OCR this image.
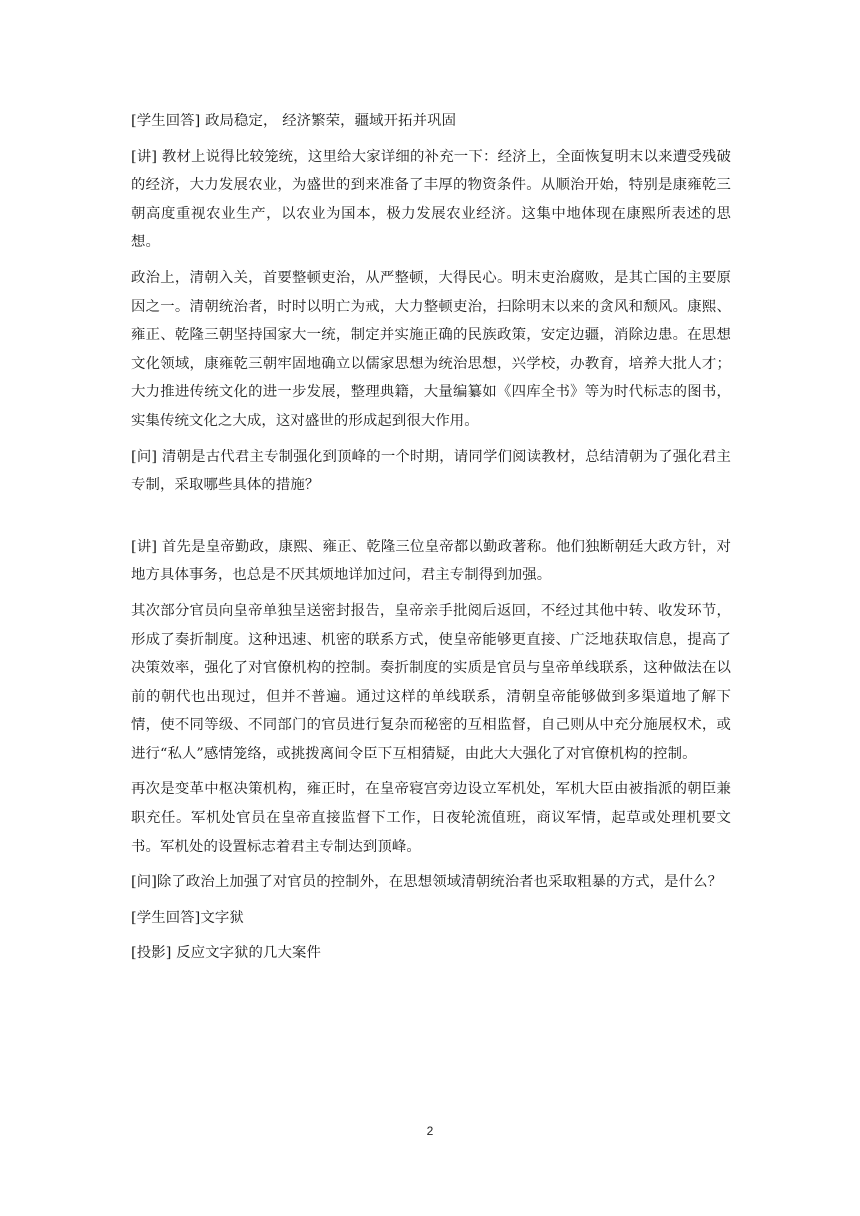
[学生回答] 政局稳定， 经济繁荣，疆域开拓并巩固

[讲] 教材上说得比较笼统，这里给大家详细的补充一下：经济上，全面恢复明末以来遭受残破的经济，大力发展农业，为盛世的到来准备了丰厚的物资条件。从顺治开始，特别是康雍乾三朝高度重视农业生产，以农业为国本，极力发展农业经济。这集中地体现在康熙所表述的思想。

政治上，清朝入关，首要整顿吏治，从严整顿，大得民心。明末吏治腐败，是其亡国的主要原因之一。清朝统治者，时时以明亡为戒，大力整顿吏治，扫除明末以来的贪风和颓风。康熙、雍正、乾隆三朝坚持国家大一统，制定并实施正确的民族政策，安定边疆，消除边患。在思想文化领域，康雍乾三朝牢固地确立以儒家思想为统治思想，兴学校，办教育，培养大批人才；大力推进传统文化的进一步发展，整理典籍，大量编纂如《四库全书》等为时代标志的图书，实集传统文化之大成，这对盛世的形成起到很大作用。

[问] 清朝是古代君主专制强化到顶峰的一个时期，请同学们阅读教材，总结清朝为了强化君主专制，采取哪些具体的措施？

[讲] 首先是皇帝勤政，康熙、雍正、乾隆三位皇帝都以勤政著称。他们独断朝廷大政方针，对地方具体事务，也总是不厌其烦地详加过问，君主专制得到加强。

其次部分官员向皇帝单独呈送密封报告，皇帝亲手批阅后返回，不经过其他中转、收发环节，形成了奏折制度。这种迅速、机密的联系方式，使皇帝能够更直接、广泛地获取信息，提高了决策效率，强化了对官僚机构的控制。奏折制度的实质是官员与皇帝单线联系，这种做法在以前的朝代也出现过，但并不普遍。通过这样的单线联系，清朝皇帝能够做到多渠道地了解下情，使不同等级、不同部门的官员进行复杂而秘密的互相监督，自己则从中充分施展权术，或进行“私人”感情笼络，或挑拨离间令臣下互相猜疑，由此大大强化了对官僚机构的控制。

再次是变革中枢决策机构，雍正时，在皇帝寝宫旁边设立军机处，军机大臣由被指派的朝臣兼职充任。军机处官员在皇帝直接监督下工作，日夜轮流值班，商议军情，起草或处理机要文书。军机处的设置标志着君主专制达到顶峰。

[问]除了政治上加强了对官员的控制外，在思想领域清朝统治者也采取粗暴的方式，是什么？

[学生回答]文字狱

[投影] 反应文字狱的几大案件

2
